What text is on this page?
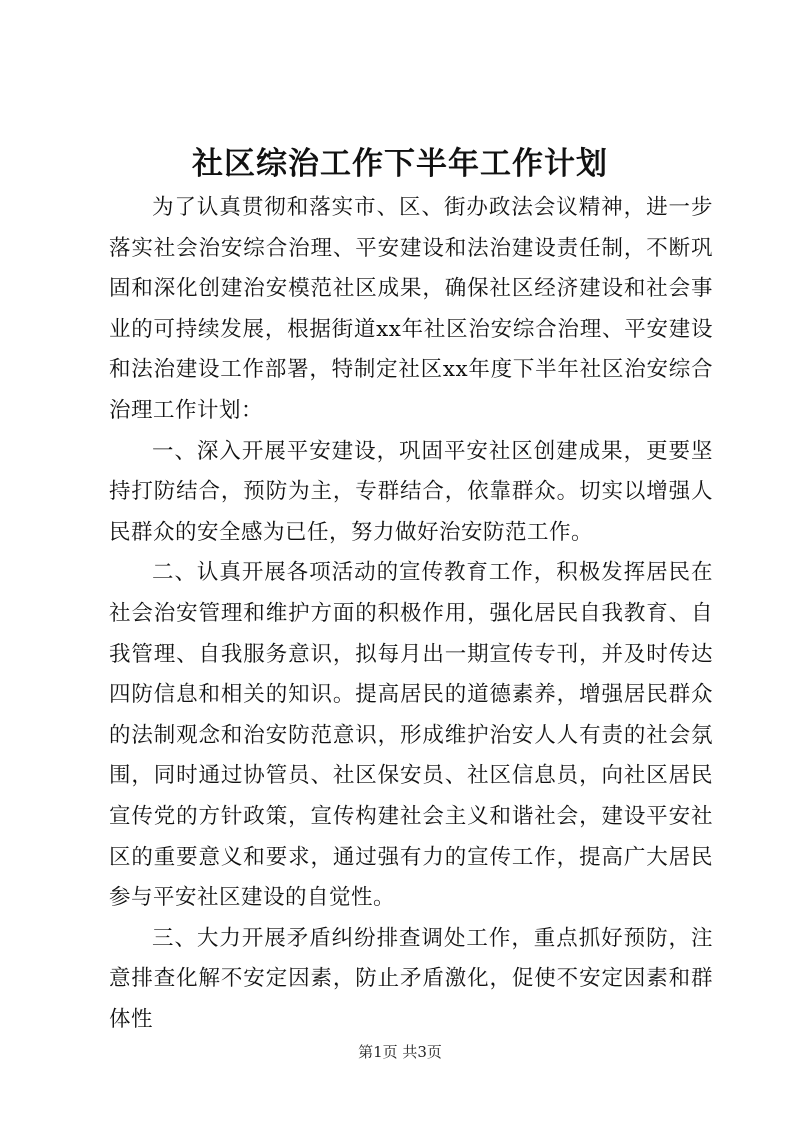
社区综治工作下半年工作计划

为了认真贯彻和落实市、区、街办政法会议精神，进一步落实社会治安综合治理、平安建设和法治建设责任制，不断巩固和深化创建治安模范社区成果，确保社区经济建设和社会事业的可持续发展，根据街道xx年社区治安综合治理、平安建设和法治建设工作部署，特制定社区xx年度下半年社区治安综合治理工作计划：

一、深入开展平安建设，巩固平安社区创建成果，更要坚持打防结合，预防为主，专群结合，依靠群众。切实以增强人民群众的安全感为已任，努力做好治安防范工作。

二、认真开展各项活动的宣传教育工作，积极发挥居民在社会治安管理和维护方面的积极作用，强化居民自我教育、自我管理、自我服务意识，拟每月出一期宣传专刊，并及时传达四防信息和相关的知识。提高居民的道德素养，增强居民群众的法制观念和治安防范意识，形成维护治安人人有责的社会氛围，同时通过协管员、社区保安员、社区信息员，向社区居民宣传党的方针政策，宣传构建社会主义和谐社会，建设平安社区的重要意义和要求，通过强有力的宣传工作，提高广大居民参与平安社区建设的自觉性。

三、大力开展矛盾纠纷排查调处工作，重点抓好预防，注意排查化解不安定因素，防止矛盾激化，促使不安定因素和群体性

第1页 共3页
